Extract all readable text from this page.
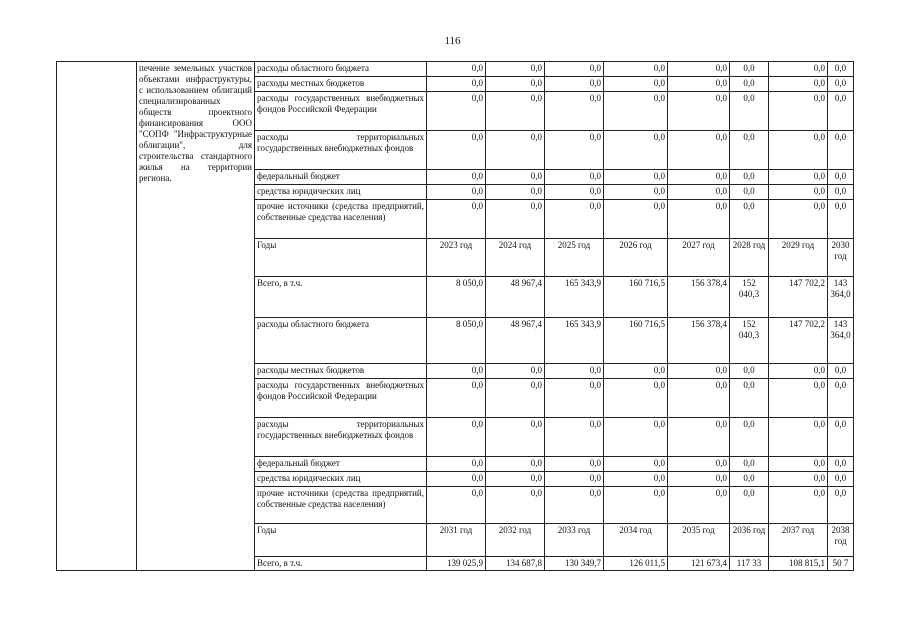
116
	печение земельных участков объектами инфраструктуры, с использованием облигаций специализированных обществ проектного финансирования ООО "СОПФ "Инфраструктурные облигации", для строительства стандартного жилья на территории региона.	расходы областного бюджета	0,0	0,0	0,0	0,0	0,0	0,0	0,0	0,0
		расходы местных бюджетов	0,0	0,0	0,0	0,0	0,0	0,0	0,0	0,0
		расходы государственных внебюджетных фондов Российской Федерации	0,0	0,0	0,0	0,0	0,0	0,0	0,0	0,0
		расходы территориальных государственных внебюджетных фондов	0,0	0,0	0,0	0,0	0,0	0,0	0,0	0,0
		федеральный бюджет	0,0	0,0	0,0	0,0	0,0	0,0	0,0	0,0
		средства юридических лиц	0,0	0,0	0,0	0,0	0,0	0,0	0,0	0,0
		прочие источники (средства предприятий, собственные средства населения)	0,0	0,0	0,0	0,0	0,0	0,0	0,0	0,0
		Годы	2023 год	2024 год	2025 год	2026 год	2027 год	2028 год	2029 год	2030 год
		Всего, в т.ч.	8 050,0	48 967,4	165 343,9	160 716,5	156 378,4	152 040,3	147 702,2	143 364,0
		расходы областного бюджета	8 050,0	48 967,4	165 343,9	160 716,5	156 378,4	152 040,3	147 702,2	143 364,0
		расходы местных бюджетов	0,0	0,0	0,0	0,0	0,0	0,0	0,0	0,0
		расходы государственных внебюджетных фондов Российской Федерации	0,0	0,0	0,0	0,0	0,0	0,0	0,0	0,0
		расходы территориальных государственных внебюджетных фондов	0,0	0,0	0,0	0,0	0,0	0,0	0,0	0,0
		федеральный бюджет	0,0	0,0	0,0	0,0	0,0	0,0	0,0	0,0
		средства юридических лиц	0,0	0,0	0,0	0,0	0,0	0,0	0,0	0,0
		прочие источники (средства предприятий, собственные средства населения)	0,0	0,0	0,0	0,0	0,0	0,0	0,0	0,0
		Годы	2031 год	2032 год	2033 год	2034 год	2035 год	2036 год	2037 год	2038 год
		Всего, в т.ч.	139 025,9	134 687,8	130 349,7	126 011,5	121 673,4	117 33	108 815,1	50 7
